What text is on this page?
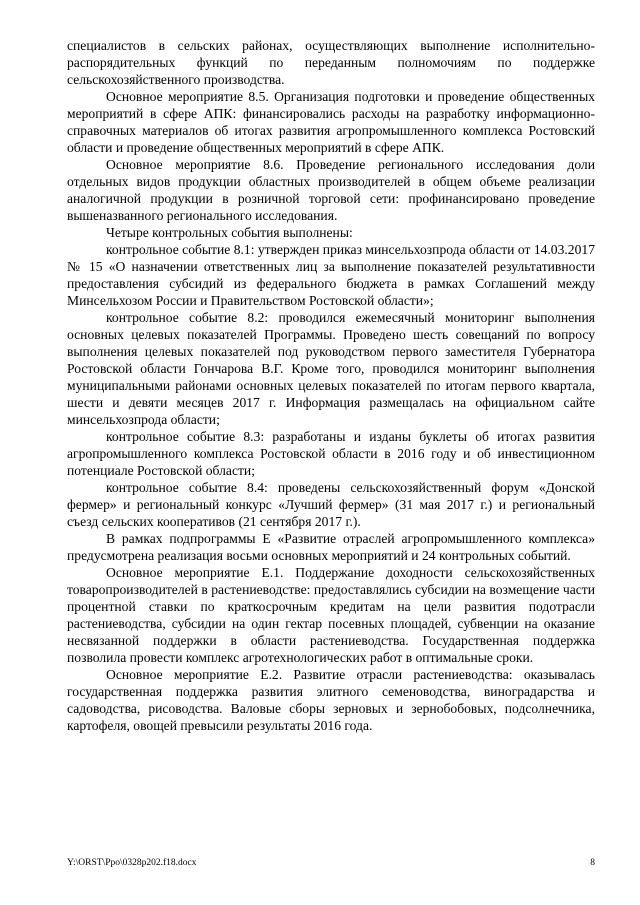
специалистов в сельских районах, осуществляющих выполнение исполнительно-распорядительных функций по переданным полномочиям по поддержке сельскохозяйственного производства.

Основное мероприятие 8.5. Организация подготовки и проведение общественных мероприятий в сфере АПК: финансировались расходы на разработку информационно-справочных материалов об итогах развития агропромышленного комплекса Ростовский области и проведение общественных мероприятий в сфере АПК.

Основное мероприятие 8.6. Проведение регионального исследования доли отдельных видов продукции областных производителей в общем объеме реализации аналогичной продукции в розничной торговой сети: профинансировано проведение вышеназванного регионального исследования.

Четыре контрольных события выполнены:

контрольное событие 8.1: утвержден приказ минсельхозпрода области от 14.03.2017 № 15 «О назначении ответственных лиц за выполнение показателей результативности предоставления субсидий из федерального бюджета в рамках Соглашений между Минсельхозом России и Правительством Ростовской области»;

контрольное событие 8.2: проводился ежемесячный мониторинг выполнения основных целевых показателей Программы. Проведено шесть совещаний по вопросу выполнения целевых показателей под руководством первого заместителя Губернатора Ростовской области Гончарова В.Г. Кроме того, проводился мониторинг выполнения муниципальными районами основных целевых показателей по итогам первого квартала, шести и девяти месяцев 2017 г. Информация размещалась на официальном сайте минсельхозпрода области;

контрольное событие 8.3: разработаны и изданы буклеты об итогах развития агропромышленного комплекса Ростовской области в 2016 году и об инвестиционном потенциале Ростовской области;

контрольное событие 8.4: проведены сельскохозяйственный форум «Донской фермер» и региональный конкурс «Лучший фермер» (31 мая 2017 г.) и региональный съезд сельских кооперативов (21 сентября 2017 г.).

В рамках подпрограммы Е «Развитие отраслей агропромышленного комплекса» предусмотрена реализация восьми основных мероприятий и 24 контрольных событий.

Основное мероприятие Е.1. Поддержание доходности сельскохозяйственных товаропроизводителей в растениеводстве: предоставлялись субсидии на возмещение части процентной ставки по краткосрочным кредитам на цели развития подотрасли растениеводства, субсидии на один гектар посевных площадей, субвенции на оказание несвязанной поддержки в области растениеводства. Государственная поддержка позволила провести комплекс агротехнологических работ в оптимальные сроки.

Основное мероприятие Е.2. Развитие отрасли растениеводства: оказывалась государственная поддержка развития элитного семеноводства, виноградарства и садоводства, рисоводства. Валовые сборы зерновых и зернобобовых, подсолнечника, картофеля, овощей превысили результаты 2016 года.

Y:\ORST\Ppo\0328p202.f18.docx	8
